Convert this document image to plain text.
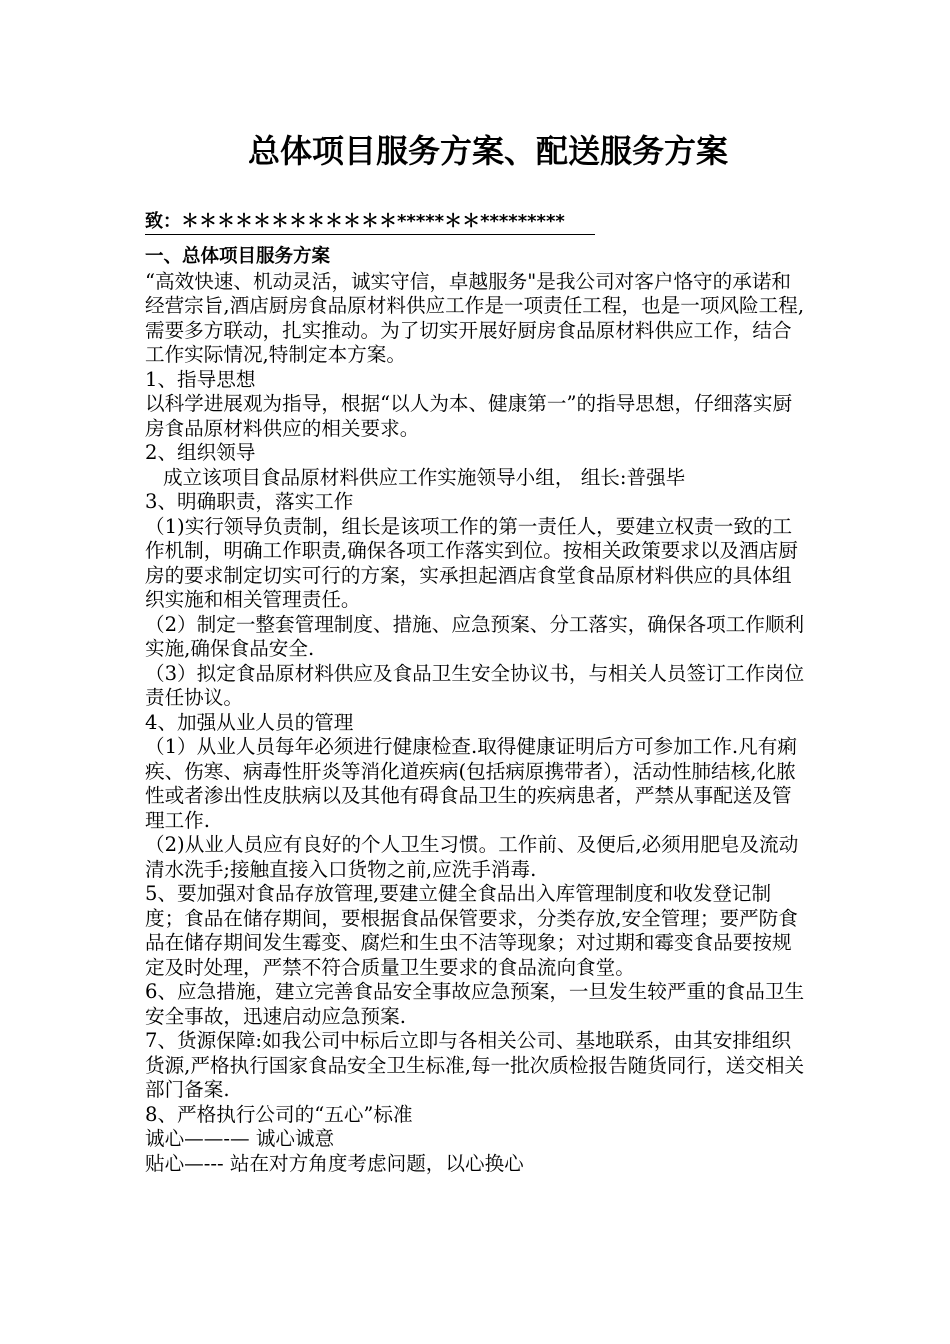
总体项目服务方案、配送服务方案
致：＊＊＊＊＊＊＊＊＊＊＊＊*****＊＊*********

一、总体项目服务方案

“高效快速、机动灵活，诚实守信，卓越服务"是我公司对客户恪守的承诺和经营宗旨,酒店厨房食品原材料供应工作是一项责任工程，也是一项风险工程,需要多方联动，扎实推动。为了切实开展好厨房食品原材料供应工作，结合工作实际情况,特制定本方案。

1、指导思想

以科学进展观为指导，根据“以人为本、健康第一”的指导思想，仔细落实厨房食品原材料供应的相关要求。

2、组织领导

成立该项目食品原材料供应工作实施领导小组， 组长:普强毕

3、明确职责，落实工作

（1)实行领导负责制，组长是该项工作的第一责任人，要建立权责一致的工作机制，明确工作职责,确保各项工作落实到位。按相关政策要求以及酒店厨房的要求制定切实可行的方案，实承担起酒店食堂食品原材料供应的具体组织实施和相关管理责任。

（2）制定一整套管理制度、措施、应急预案、分工落实，确保各项工作顺利实施,确保食品安全.

（3）拟定食品原材料供应及食品卫生安全协议书，与相关人员签订工作岗位责任协议。

4、加强从业人员的管理

（1）从业人员每年必须进行健康检查.取得健康证明后方可参加工作.凡有痢疾、伤寒、病毒性肝炎等消化道疾病(包括病原携带者），活动性肺结核,化脓性或者渗出性皮肤病以及其他有碍食品卫生的疾病患者，严禁从事配送及管理工作.

（2)从业人员应有良好的个人卫生习惯。工作前、及便后,必须用肥皂及流动清水洗手;接触直接入口货物之前,应洗手消毒.

5、要加强对食品存放管理,要建立健全食品出入库管理制度和收发登记制度；食品在储存期间，要根据食品保管要求，分类存放,安全管理；要严防食品在储存期间发生霉变、腐烂和生虫不洁等现象；对过期和霉变食品要按规定及时处理，严禁不符合质量卫生要求的食品流向食堂。

6、应急措施，建立完善食品安全事故应急预案，一旦发生较严重的食品卫生安全事故，迅速启动应急预案.

7、货源保障:如我公司中标后立即与各相关公司、基地联系，由其安排组织货源,严格执行国家食品安全卫生标准,每一批次质检报告随货同行，送交相关部门备案.

8、严格执行公司的“五心”标准

诚心——-— 诚心诚意

贴心—--- 站在对方角度考虑问题，以心换心
